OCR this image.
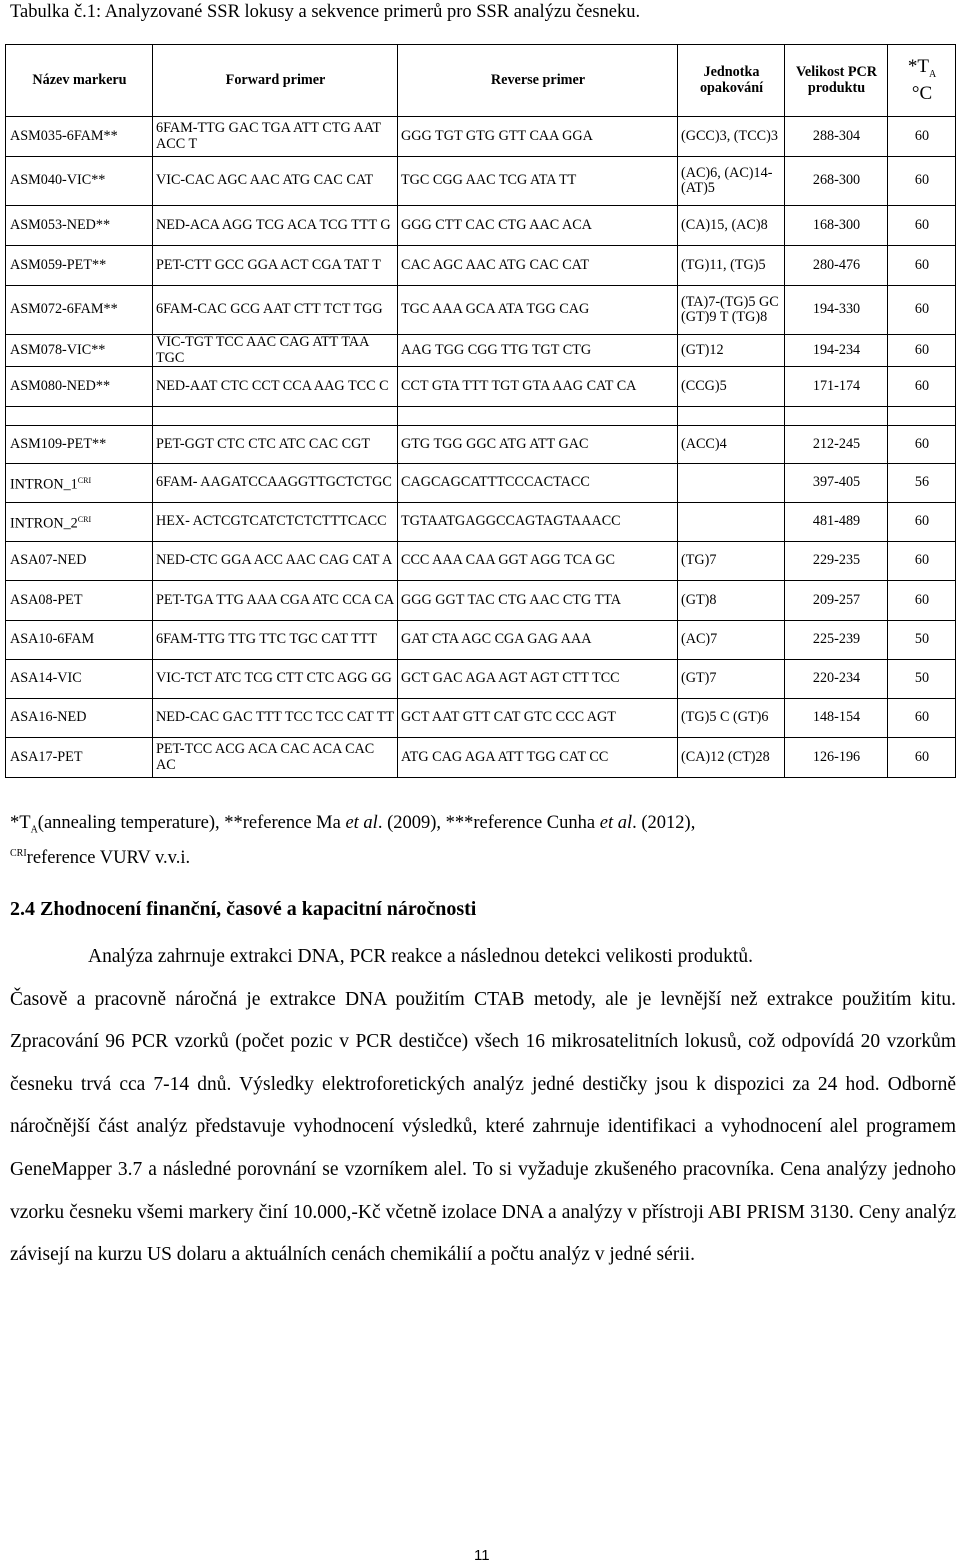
Tabulka č.1: Analyzované SSR lokusy a sekvence primerů pro SSR analýzu česneku.
Název markeru	Forward primer	Reverse primer	Jednotka opakování	Velikost PCR produktu	$*T_A$
°C
ASM035-6FAM**	6FAM-TTG GAC TGA ATT CTG AAT ACC T	GGG TGT GTG GTT CAA GGA	(GCC)3, (TCC)3	288-304	60
ASM040-VIC**	VIC-CAC AGC AAC ATG CAC CAT	TGC CGG AAC TCG ATA TT	(AC)6, (AC)14- (AT)5	268-300	60
ASM053-NED**	NED-ACA AGG TCG ACA TCG TTT G	GGG CTT CAC CTG AAC ACA	(CA)15, (AC)8	168-300	60
ASM059-PET**	PET-CTT GCC GGA ACT CGA TAT T	CAC AGC AAC ATG CAC CAT	(TG)11, (TG)5	280-476	60
ASM072-6FAM**	6FAM-CAC GCG AAT CTT TCT TGG	TGC AAA GCA ATA TGG CAG	(TA)7-(TG)5 GC (GT)9 T (TG)8	194-330	60
ASM078-VIC**	VIC-TGT TCC AAC CAG ATT TAA TGC	AAG TGG CGG TTG TGT CTG	(GT)12	194-234	60
ASM080-NED**	NED-AAT CTC CCT CCA AAG TCC C	CCT GTA TTT TGT GTA AAG CAT CA	(CCG)5	171-174	60

ASM109-PET**	PET-GGT CTC CTC ATC CAC CGT	GTG TGG GGC ATG ATT GAC	(ACC)4	212-245	60
$INTRON\_1^{CRI}$	6FAM- AAGATCCAAGGTTGCTCTGC	CAGCAGCATTTCCCACTACC		397-405	56
$INTRON\_2^{CRI}$	HEX- ACTCGTCATCTCTCTTTCACC	TGTAATGAGGCCAGTAGTAAACC		481-489	60
ASA07-NED	NED-CTC GGA ACC AAC CAG CAT A	CCC AAA CAA GGT AGG TCA GC	(TG)7	229-235	60
ASA08-PET	PET-TGA TTG AAA CGA ATC CCA CA	GGG GGT TAC CTG AAC CTG TTA	(GT)8	209-257	60
ASA10-6FAM	6FAM-TTG TTG TTC TGC CAT TTT	GAT CTA AGC CGA GAG AAA	(AC)7	225-239	50
ASA14-VIC	VIC-TCT ATC TCG CTT CTC AGG GG	GCT GAC AGA AGT AGT CTT TCC	(GT)7	220-234	50
ASA16-NED	NED-CAC GAC TTT TCC TCC CAT TT	GCT AAT GTT CAT GTC CCC AGT	(TG)5 C (GT)6	148-154	60
ASA17-PET	PET-TCC ACG ACA CAC ACA CAC AC	ATG CAG AGA ATT TGG CAT CC	(CA)12 (CT)28	126-196	60
$*T_A(annealing$ temperature), **reference Ma et al. (2009), ***reference Cunha et al. (2012),
$^{CRI}$reference VURV v.v.i.
2.4 Zhodnocení finanční, časové a kapacitní náročnosti

Analýza zahrnuje extrakci DNA, PCR reakce a následnou detekci velikosti produktů.

Časově a pracovně náročná je extrakce DNA použitím CTAB metody, ale je levnější než extrakce použitím kitu. Zpracování 96 PCR vzorků (počet pozic v PCR destičce) všech 16 mikrosatelitních lokusů, což odpovídá 20 vzorkům česneku trvá cca 7-14 dnů. Výsledky elektroforetických analýz jedné destičky jsou k dispozici za 24 hod. Odborně náročnější část analýz představuje vyhodnocení výsledků, které zahrnuje identifikaci a vyhodnocení alel programem GeneMapper 3.7 a následné porovnání se vzorníkem alel. To si vyžaduje zkušeného pracovníka. Cena analýzy jednoho vzorku česneku všemi markery činí 10.000,-Kč včetně izolace DNA a analýzy v přístroji ABI PRISM 3130. Ceny analýz závisejí na kurzu US dolaru a aktuálních cenách chemikálií a počtu analýz v jedné sérii.

11
